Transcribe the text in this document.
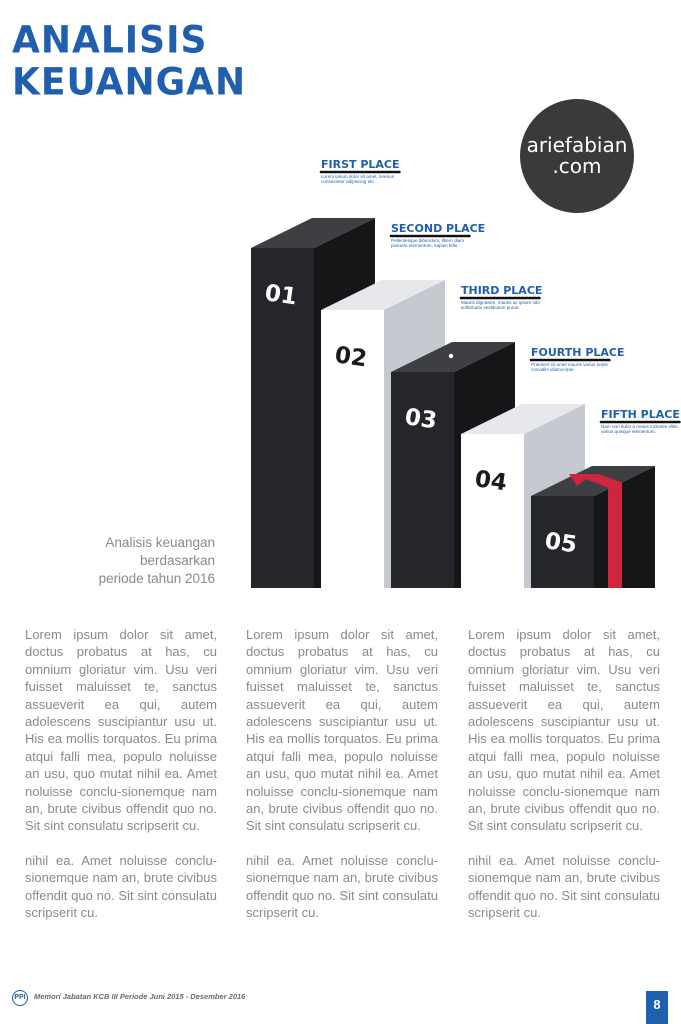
ANALISIS
KEUANGAN
ariefabian
.com
01
FIRST PLACE
Lorem ipsum dolor sit amet, lorenus
consectetur adipiscing elit.
02
SECOND PLACE
Pellentesque bibendum, libero diam
posuere elementum, sapien felis.
03
THIRD PLACE
Mauris dignissim, mauris ac ipsum nibi
sollicitudin vestibulum purus.
04
FOURTH PLACE
Praesent sit amet mauris varius turpis
convallis ullamcorper.
05
FIFTH PLACE
Nam non dolor a metus molestie ellits
varius quisque elementum.
Analisis keuangan
berdasarkan
periode tahun 2016

Lorem ipsum dolor sit amet, doctus probatus at has, cu omnium gloriatur vim. Usu veri fuisset maluisset te, sanctus assueverit ea qui, autem adolescens suscipiantur usu ut. His ea mollis torquatos. Eu prima atqui falli mea, populo noluisse an usu, quo mutat nihil ea. Amet noluisse conclu-sionemque nam an, brute civibus offendit quo no. Sit sint consulatu scripserit cu.

nihil ea. Amet noluisse conclu-sionemque nam an, brute civibus offendit quo no. Sit sint consulatu scripserit cu.

Lorem ipsum dolor sit amet, doctus probatus at has, cu omnium gloriatur vim. Usu veri fuisset maluisset te, sanctus assueverit ea qui, autem adolescens suscipiantur usu ut. His ea mollis torquatos. Eu prima atqui falli mea, populo noluisse an usu, quo mutat nihil ea. Amet noluisse conclu-sionemque nam an, brute civibus offendit quo no. Sit sint consulatu scripserit cu.

nihil ea. Amet noluisse conclu-sionemque nam an, brute civibus offendit quo no. Sit sint consulatu scripserit cu.

Lorem ipsum dolor sit amet, doctus probatus at has, cu omnium gloriatur vim. Usu veri fuisset maluisset te, sanctus assueverit ea qui, autem adolescens suscipiantur usu ut. His ea mollis torquatos. Eu prima atqui falli mea, populo noluisse an usu, quo mutat nihil ea. Amet noluisse conclu-sionemque nam an, brute civibus offendit quo no. Sit sint consulatu scripserit cu.

nihil ea. Amet noluisse conclu-sionemque nam an, brute civibus offendit quo no. Sit sint consulatu scripserit cu.

PPI	Memori Jabatan KCB III Periode Juni 2015 - Desember 2016
8
